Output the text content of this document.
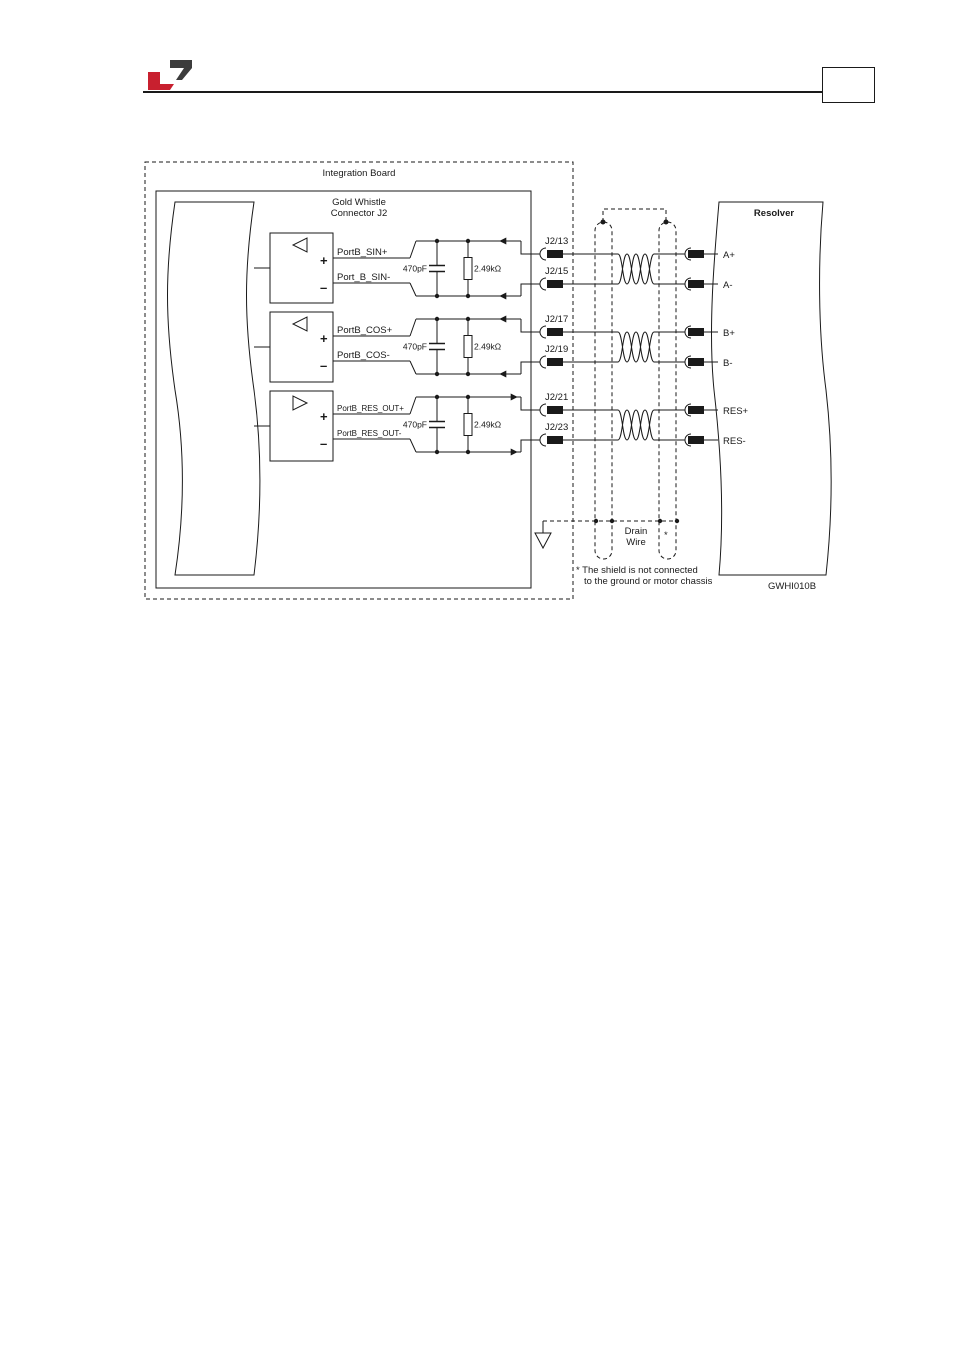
Integration Board
Gold Whistle
Connector J2
+
–
PortB_SIN+
Port_B_SIN-
470pF	2.49kΩ
J2/13
J2/15
A+
A-
+
–
PortB_COS+
PortB_COS-
470pF	2.49kΩ
J2/17
J2/19
B+
B-
+
–
PortB_RES_OUT+
PortB_RES_OUT-
470pF	2.49kΩ
J2/21
J2/23
RES+
RES-
Resolver
Drain
Wire
*
* The shield is not connected
to the ground or motor chassis	GWHI010B
